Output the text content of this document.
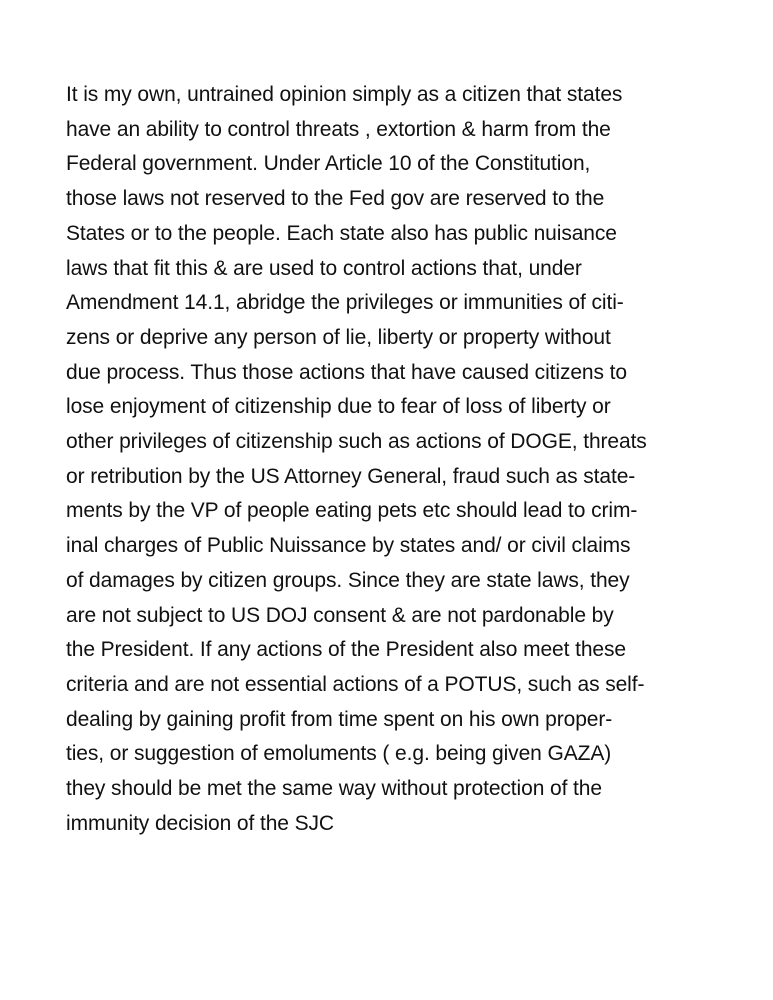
It is my own, untrained opinion simply as a citizen that states
have an ability to control threats , extortion & harm from the
Federal government. Under Article 10 of the Constitution,
those laws not reserved to the Fed gov are reserved to the
States or to the people. Each state also has public nuisance
laws that fit this & are used to control actions that, under
Amendment 14.1, abridge the privileges or immunities of citi-
zens or deprive any person of lie, liberty or property without
due process. Thus those actions that have caused citizens to
lose enjoyment of citizenship due to fear of loss of liberty or
other privileges of citizenship such as actions of DOGE, threats
or retribution by the US Attorney General, fraud such as state-
ments by the VP of people eating pets etc should lead to crim-
inal charges of Public Nuissance by states and/ or civil claims
of damages by citizen groups. Since they are state laws, they
are not subject to US DOJ consent & are not pardonable by
the President. If any actions of the President also meet these
criteria and are not essential actions of a POTUS, such as self-
dealing by gaining profit from time spent on his own proper-
ties, or suggestion of emoluments ( e.g. being given GAZA)
they should be met the same way without protection of the
immunity decision of the SJC
